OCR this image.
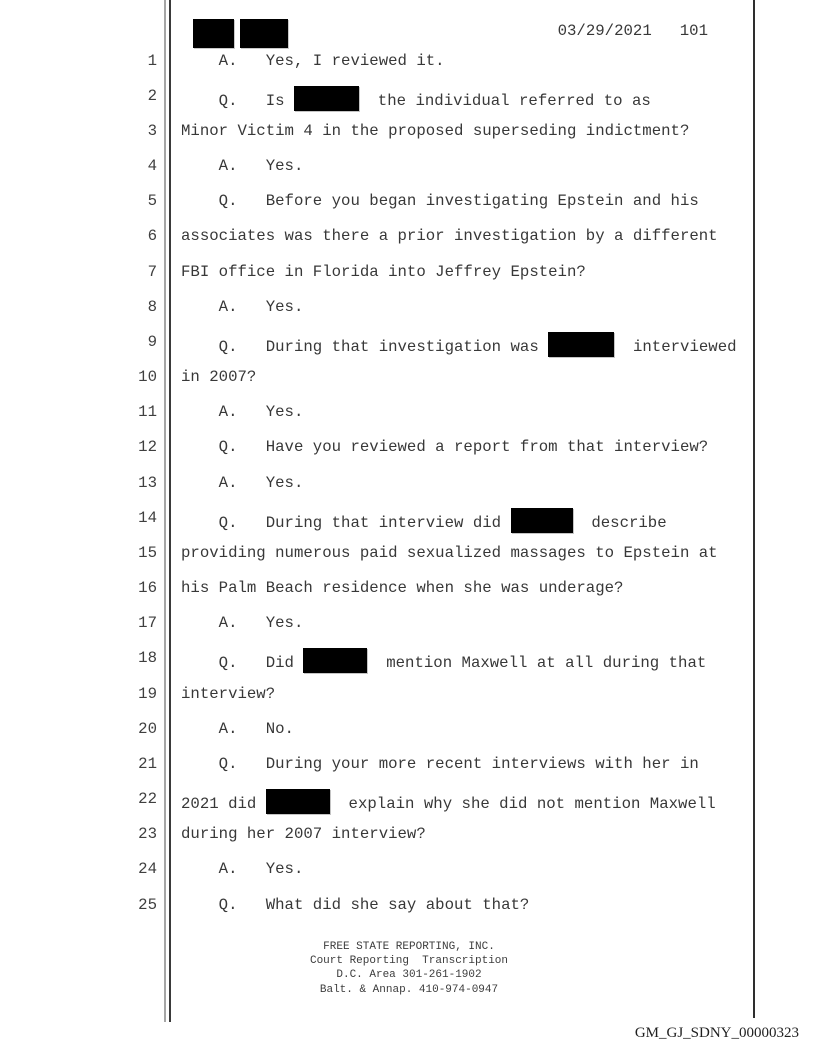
03/29/2021 101
1 A.   Yes, I reviewed it.
2 Q.   Is	the individual referred to as
3 Minor Victim 4 in the proposed superseding indictment?
4 A.   Yes.
5 Q.   Before you began investigating Epstein and his
6 associates was there a prior investigation by a different
7 FBI office in Florida into Jeffrey Epstein?
8 A.   Yes.
9 Q.   During that investigation was	interviewed
10 in 2007?
11 A.   Yes.
12 Q.   Have you reviewed a report from that interview?
13 A.   Yes.
14 Q.   During that interview did	describe
15 providing numerous paid sexualized massages to Epstein at
16 his Palm Beach residence when she was underage?
17 A.   Yes.
18 Q.   Did	mention Maxwell at all during that
19 interview?
20 A.   No.
21 Q.   During your more recent interviews with her in
22 2021 did	explain why she did not mention Maxwell
23 during her 2007 interview?
24 A.   Yes.
25 Q.   What did she say about that?
FREE STATE REPORTING, INC.
Court Reporting  Transcription
D.C. Area 301-261-1902
Balt. & Annap. 410-974-0947
GM_GJ_SDNY_00000323
